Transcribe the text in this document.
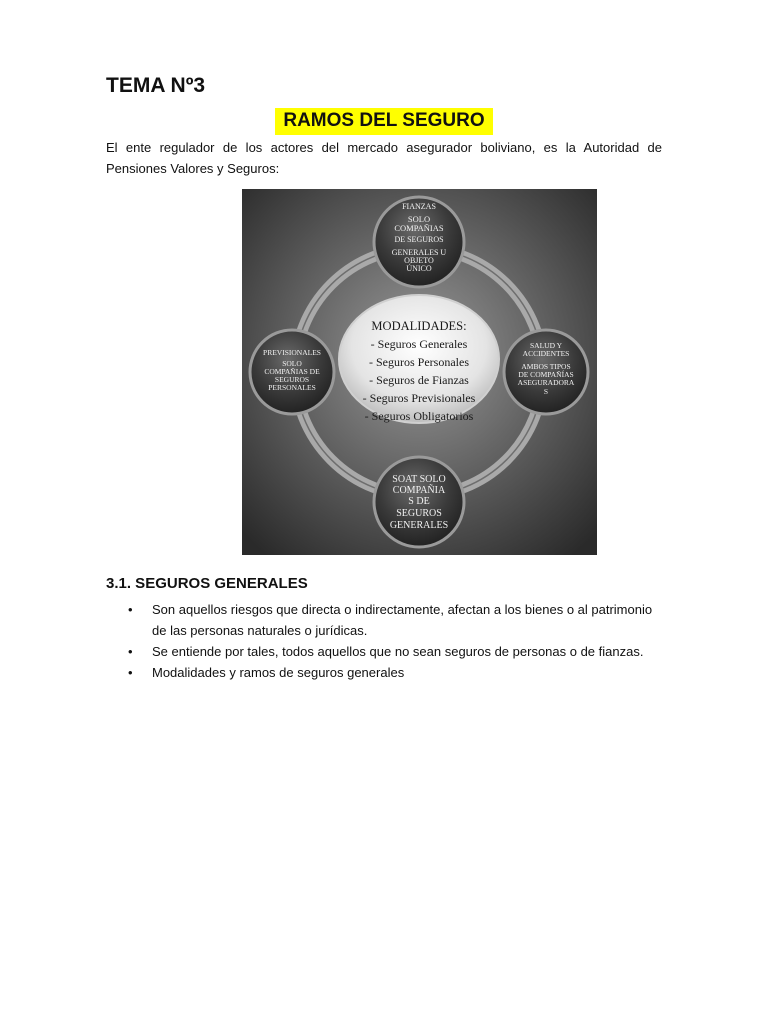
TEMA Nº3
RAMOS DEL SEGURO
El ente regulador de los actores del mercado asegurador boliviano, es la Autoridad de Pensiones Valores y Seguros:
MODALIDADES:
- Seguros Generales
- Seguros Personales
- Seguros de Fianzas
- Seguros Previsionales
- Seguros Obligatorios
FIANZAS
SOLO
COMPAÑIAS
DE SEGUROS
GENERALES U
OBJETO
ÚNICO
PREVISIONALES
SOLO
COMPAÑIAS DE
SEGUROS
PERSONALES
SALUD Y
ACCIDENTES
AMBOS TIPOS
DE COMPAÑÍAS
ASEGURADORA
S
SOAT SOLO
COMPAÑIA
S DE
SEGUROS
GENERALES
3.1. SEGUROS GENERALES
• Son aquellos riesgos que directa o indirectamente, afectan a los bienes o al patrimonio de las personas naturales o jurídicas.
• Se entiende por tales, todos aquellos que no sean seguros de personas o de fianzas.
• Modalidades y ramos de seguros generales
